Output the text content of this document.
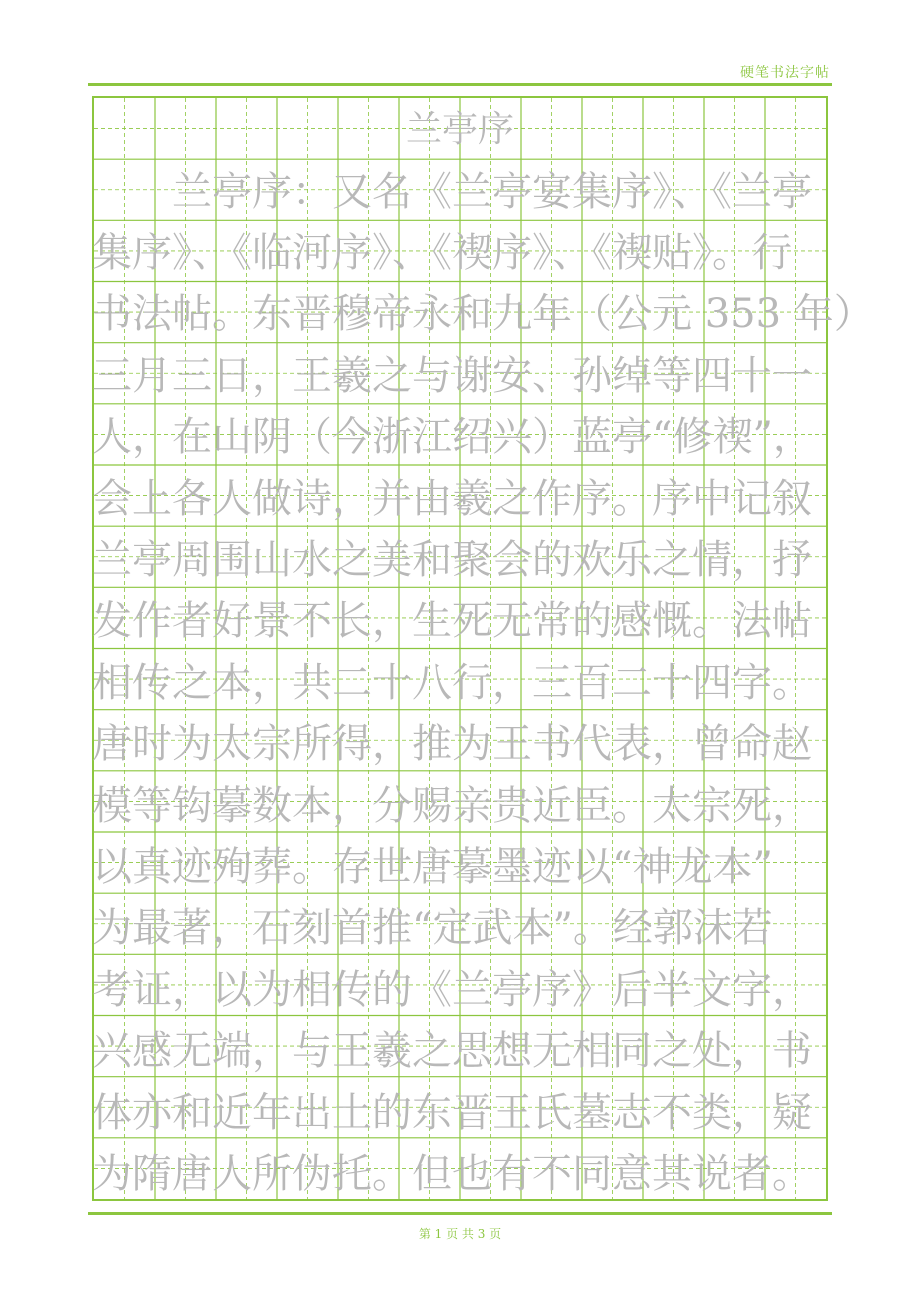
硬笔书法字帖
兰亭序
　　兰亭序：又名《兰亭宴集序》、《兰亭
集序》、《临河序》、《禊序》、《禊贴》。行
书法帖。东晋穆帝永和九年（公元 353 年）
三月三日，王羲之与谢安、孙绰等四十一
人，在山阴（今浙江绍兴）蓝亭“修禊”，
会上各人做诗，并由羲之作序。序中记叙
兰亭周围山水之美和聚会的欢乐之情，抒
发作者好景不长，生死无常的感慨。法帖
相传之本，共二十八行，三百二十四字。
唐时为太宗所得，推为王书代表，曾命赵
模等钩摹数本，分赐亲贵近臣。太宗死，
以真迹殉葬。存世唐摹墨迹以“神龙本”
为最著，石刻首推“定武本”。经郭沫若
考证，以为相传的《兰亭序》后半文字，
兴感无端，与王羲之思想无相同之处，书
体亦和近年出土的东晋王氏墓志不类，疑
为隋唐人所伪托。但也有不同意其说者。
第 1 页 共 3 页
